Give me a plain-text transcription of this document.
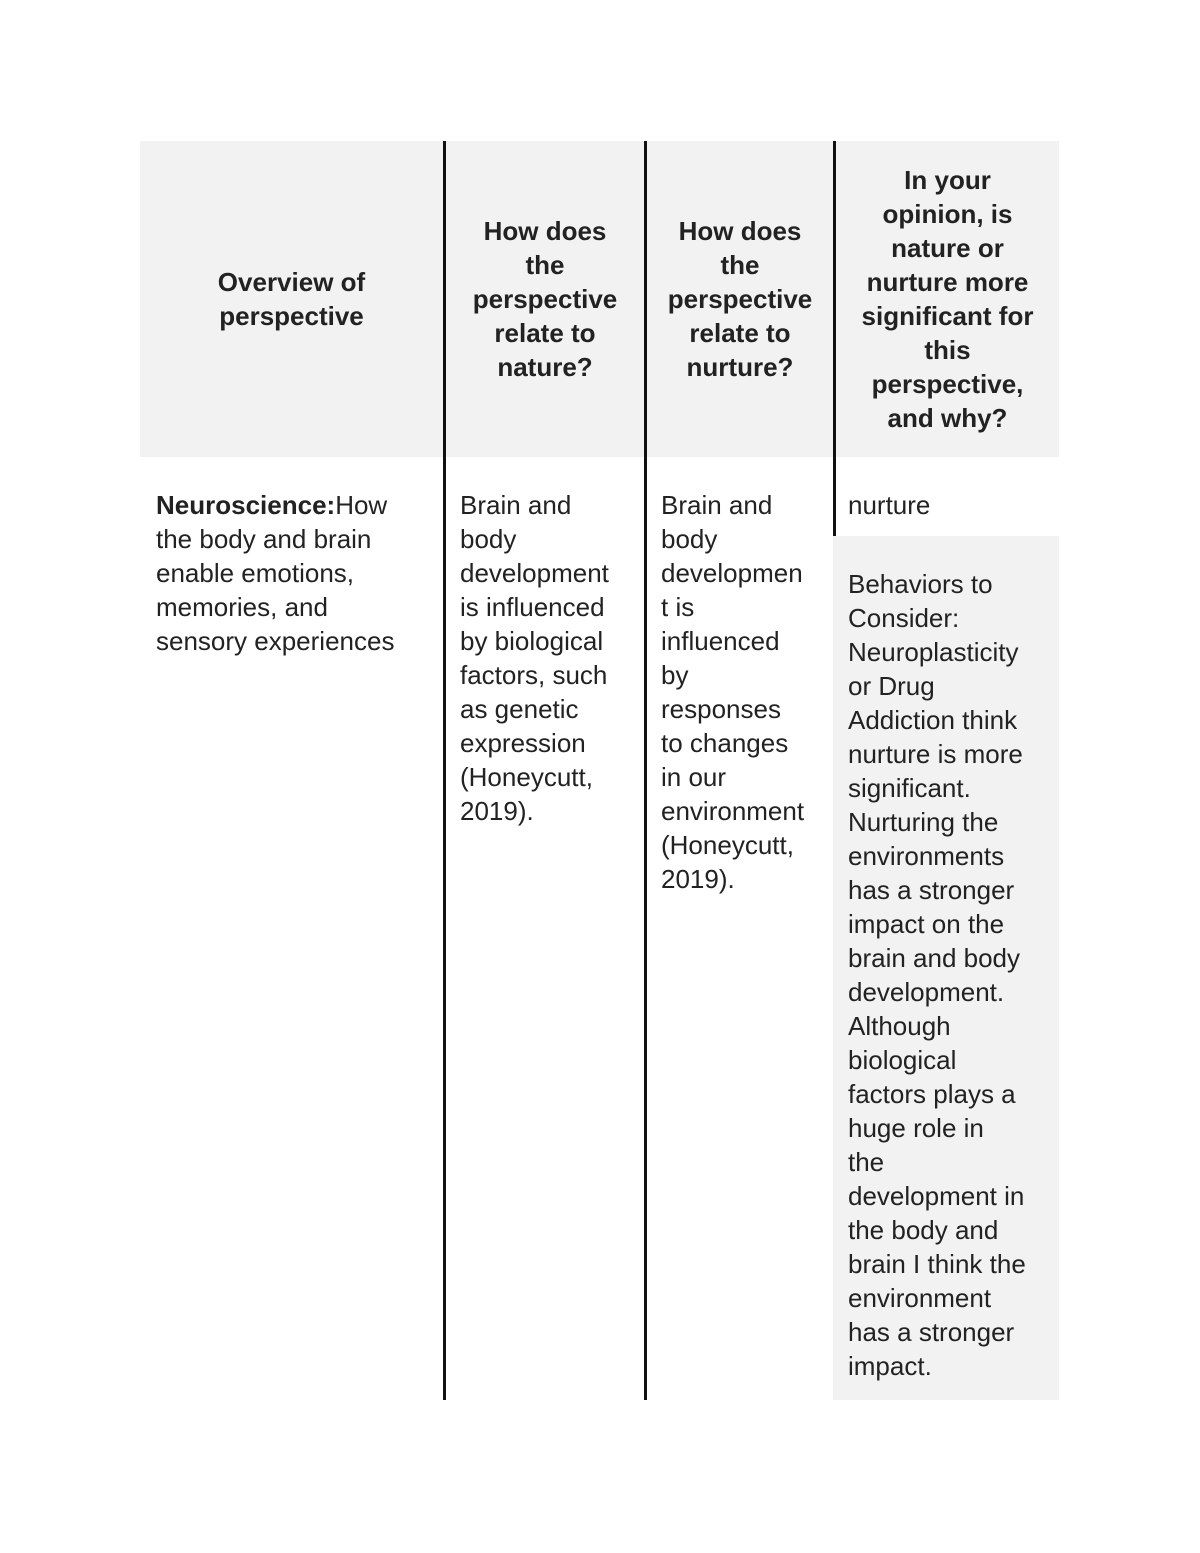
Overview of
perspective
How does
the
perspective
relate to
nature?
How does
the
perspective
relate to
nurture?
In your
opinion, is
nature or
nurture more
significant for
this
perspective,
and why?
Neuroscience:How
the body and brain
enable emotions,
memories, and
sensory experiences
Brain and
body
development
is influenced
by biological
factors, such
as genetic
expression
(Honeycutt,
2019).
Brain and
body
developmen
t is
influenced
by
responses
to changes
in our
environment
(Honeycutt,
2019).
nurture
Behaviors to
Consider:
Neuroplasticity
or Drug
Addiction think
nurture is more
significant.
Nurturing the
environments
has a stronger
impact on the
brain and body
development.
Although
biological
factors plays a
huge role in
the
development in
the body and
brain I think the
environment
has a stronger
impact.
